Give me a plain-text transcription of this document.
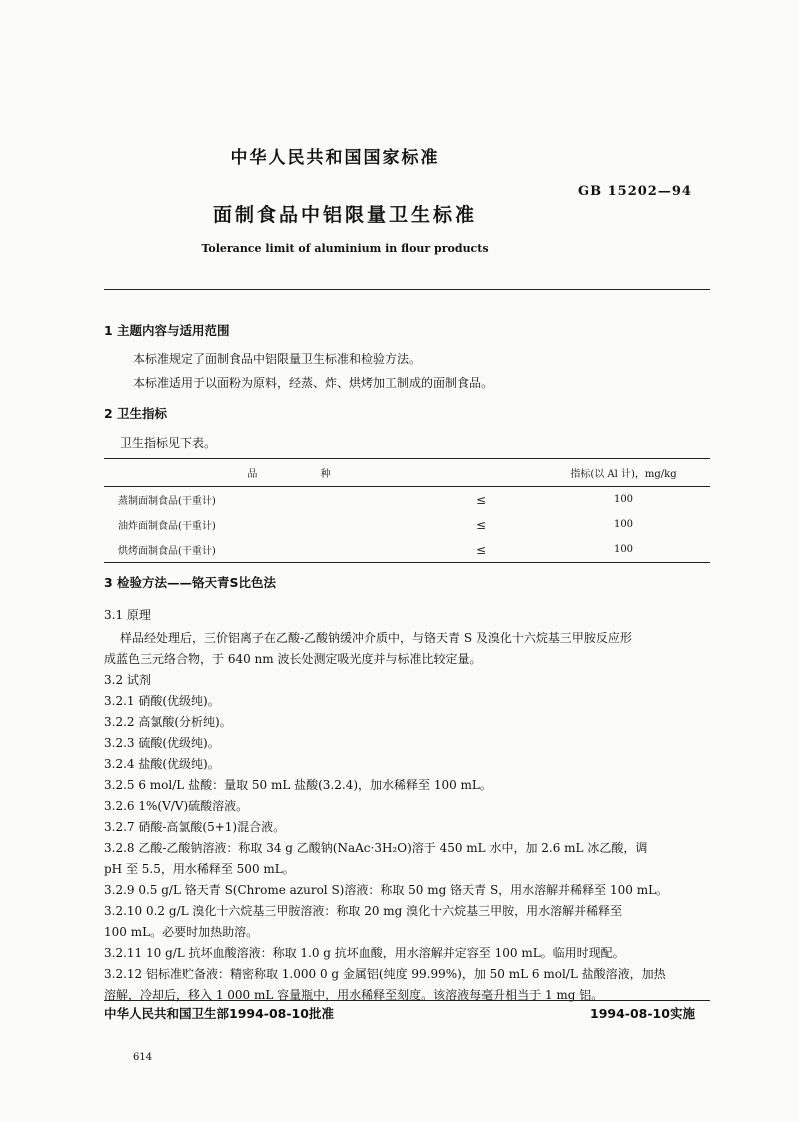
中华人民共和国国家标准
GB 15202—94
面制食品中铝限量卫生标准
Tolerance limit of aluminium in flour products
1 主题内容与适用范围
本标准规定了面制食品中铝限量卫生标准和检验方法。
本标准适用于以面粉为原料，经蒸、炸、烘烤加工制成的面制食品。
2 卫生指标
卫生指标见下表。
品 种		指标(以 Al 计)，mg/kg
蒸制面制食品(干重计)	≤	100
油炸面制食品(干重计)	≤	100
烘烤面制食品(干重计)	≤	100
3 检验方法——铬天青S比色法
3.1 原理
样品经处理后，三价铝离子在乙酸-乙酸钠缓冲介质中，与铬天青 S 及溴化十六烷基三甲胺反应形
成蓝色三元络合物，于 640 nm 波长处测定吸光度并与标准比较定量。
3.2 试剂
3.2.1 硝酸(优级纯)。
3.2.2 高氯酸(分析纯)。
3.2.3 硫酸(优级纯)。
3.2.4 盐酸(优级纯)。
3.2.5 6 mol/L 盐酸：量取 50 mL 盐酸(3.2.4)，加水稀释至 100 mL。
3.2.6 1%(V/V)硫酸溶液。
3.2.7 硝酸-高氯酸(5+1)混合液。
3.2.8 乙酸-乙酸钠溶液：称取 34 g 乙酸钠(NaAc·3H₂O)溶于 450 mL 水中，加 2.6 mL 冰乙酸，调
pH 至 5.5，用水稀释至 500 mL。
3.2.9 0.5 g/L 铬天青 S(Chrome azurol S)溶液：称取 50 mg 铬天青 S，用水溶解并稀释至 100 mL。
3.2.10 0.2 g/L 溴化十六烷基三甲胺溶液：称取 20 mg 溴化十六烷基三甲胺，用水溶解并稀释至
100 mL。必要时加热助溶。
3.2.11 10 g/L 抗坏血酸溶液：称取 1.0 g 抗坏血酸，用水溶解并定容至 100 mL。临用时现配。
3.2.12 铝标准贮备液：精密称取 1.000 0 g 金属铝(纯度 99.99%)，加 50 mL 6 mol/L 盐酸溶液，加热
溶解，冷却后，移入 1 000 mL 容量瓶中，用水稀释至刻度。该溶液每毫升相当于 1 mg 铝。
中华人民共和国卫生部1994-08-10批准	1994-08-10实施
614
